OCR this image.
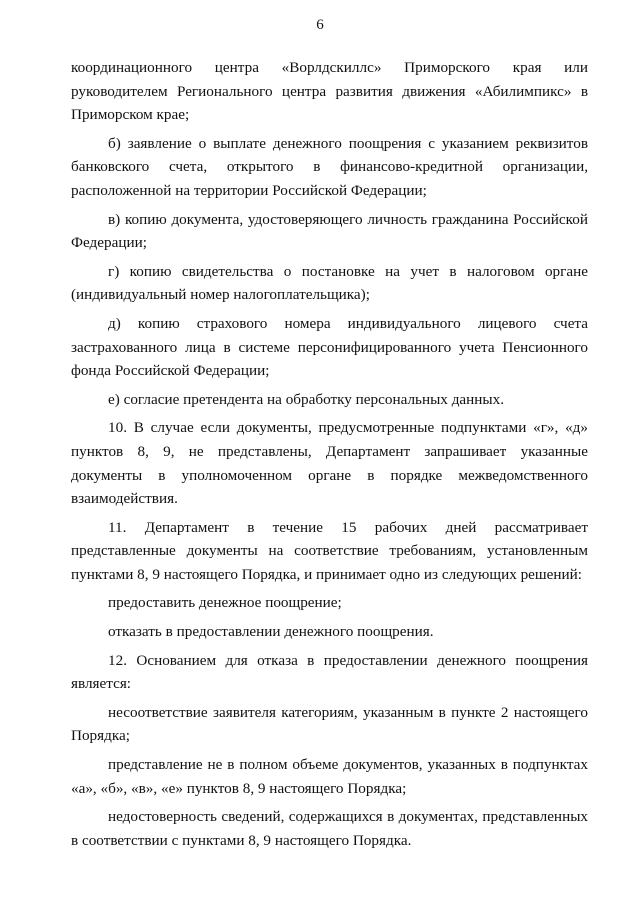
6

координационного центра «Ворлдскиллс» Приморского края или руководителем Регионального центра развития движения «Абилимпикс» в Приморском крае;

б) заявление о выплате денежного поощрения с указанием реквизитов банковского счета, открытого в финансово-кредитной организации, расположенной на территории Российской Федерации;

в) копию документа, удостоверяющего личность гражданина Российской Федерации;

г) копию свидетельства о постановке на учет в налоговом органе (индивидуальный номер налогоплательщика);

д) копию страхового номера индивидуального лицевого счета застрахованного лица в системе персонифицированного учета Пенсионного фонда Российской Федерации;

е) согласие претендента на обработку персональных данных.

10. В случае если документы, предусмотренные подпунктами «г», «д» пунктов 8, 9, не представлены, Департамент запрашивает указанные документы в уполномоченном органе в порядке межведомственного взаимодействия.

11. Департамент в течение 15 рабочих дней рассматривает представленные документы на соответствие требованиям, установленным пунктами 8, 9 настоящего Порядка, и принимает одно из следующих решений:

предоставить денежное поощрение;

отказать в предоставлении денежного поощрения.

12. Основанием для отказа в предоставлении денежного поощрения является:

несоответствие заявителя категориям, указанным в пункте 2 настоящего Порядка;

представление не в полном объеме документов, указанных в подпунктах «а», «б», «в», «е» пунктов 8, 9 настоящего Порядка;

недостоверность сведений, содержащихся в документах, представленных в соответствии с пунктами 8, 9 настоящего Порядка.
